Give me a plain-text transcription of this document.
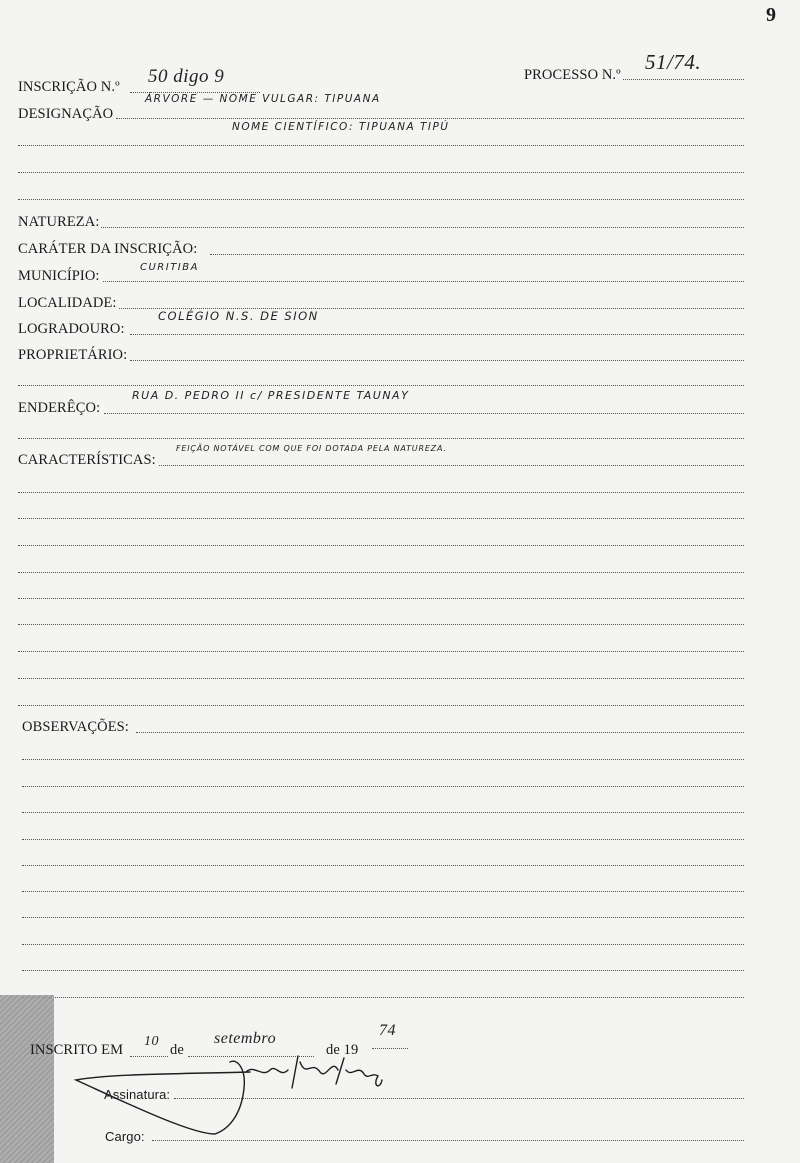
9
INSCRIÇÃO N.º 50 digo 9	PROCESSO N.º
51/74.
DESIGNAÇÃO
ÁRVORE — NOME VULGAR: TIPUANA
NOME CIENTÍFICO: TIPUANA TIPÚ
NATUREZA:
CARÁTER DA INSCRIÇÃO:
MUNICÍPIO:
CURITIBA
LOCALIDADE:
LOGRADOURO:
COLÉGIO N.S. DE SION
PROPRIETÁRIO:
ENDERÊÇO:
RUA D. PEDRO II c/ PRESIDENTE TAUNAY
CARACTERÍSTICAS:
FEIÇÃO NOTÁVEL COM QUE FOI DOTADA PELA NATUREZA.
OBSERVAÇÕES:
INSCRITO EM
10
de
setembro
de 19
74
Assinatura:
Cargo:
